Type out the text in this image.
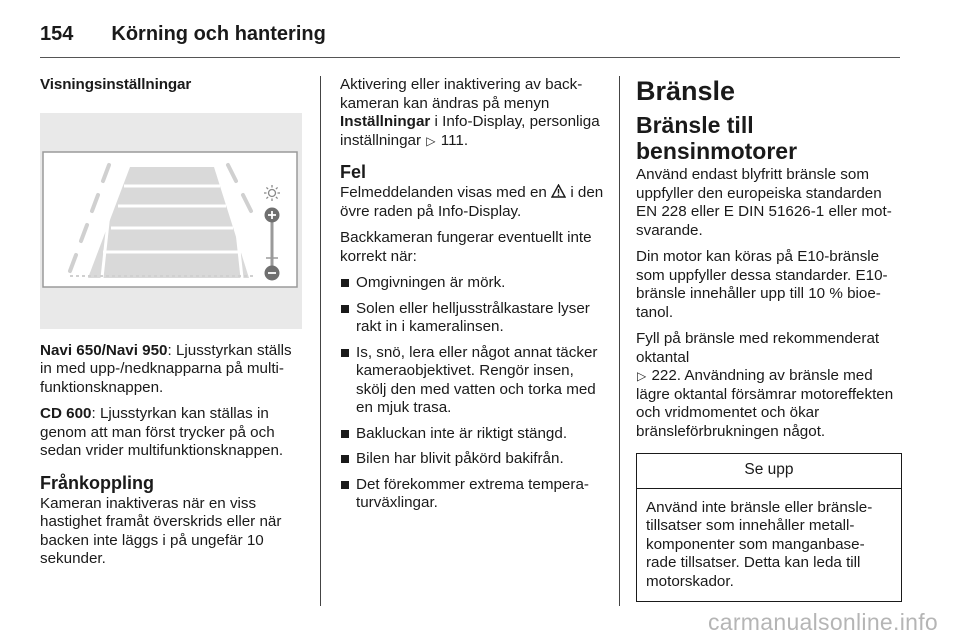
154 Körning och hantering
Visningsinställningar

Navi 650/Navi 950: Ljusstyrkan ställs in med upp-/nedknapparna på multi-funktionsknappen.

CD 600: Ljusstyrkan kan ställas in genom att man först trycker på och sedan vrider multifunktionsknappen.

Frånkoppling

Kameran inaktiveras när en viss hastighet framåt överskrids eller när backen inte läggs i på ungefär 10 sekunder.

Aktivering eller inaktivering av back-kameran kan ändras på menyn
Inställningar i Info-Display, personliga inställningar ▷ 111.

Fel

Felmeddelanden visas med en i den övre raden på Info-Display.

Backkameran fungerar eventuellt inte korrekt när:

Omgivningen är mörk.
Solen eller helljusstrålkastare lyser rakt in i kameralinsen.
Is, snö, lera eller något annat täcker kameraobjektivet. Rengör insen, skölj den med vatten och torka med en mjuk trasa.
Bakluckan inte är riktigt stängd.
Bilen har blivit påkörd bakifrån.
Det förekommer extrema tempera-turväxlingar.
Bränsle
Bränsle till bensinmotorer

Använd endast blyfritt bränsle som uppfyller den europeiska standarden EN 228 eller E DIN 51626-1 eller mot-svarande.

Din motor kan köras på E10-bränsle som uppfyller dessa standarder. E10-bränsle innehåller upp till 10 % bioe-tanol.

Fyll på bränsle med rekommenderat oktantal
▷ 222. Användning av bränsle med lägre oktantal försämrar motoreffekten och vridmomentet och ökar bränsleförbrukningen något.

Se upp
Använd inte bränsle eller bränsle-tillsatser som innehåller metall-komponenter som manganbase-rade tillsatser. Detta kan leda till motorskador.
carmanualsonline.info
